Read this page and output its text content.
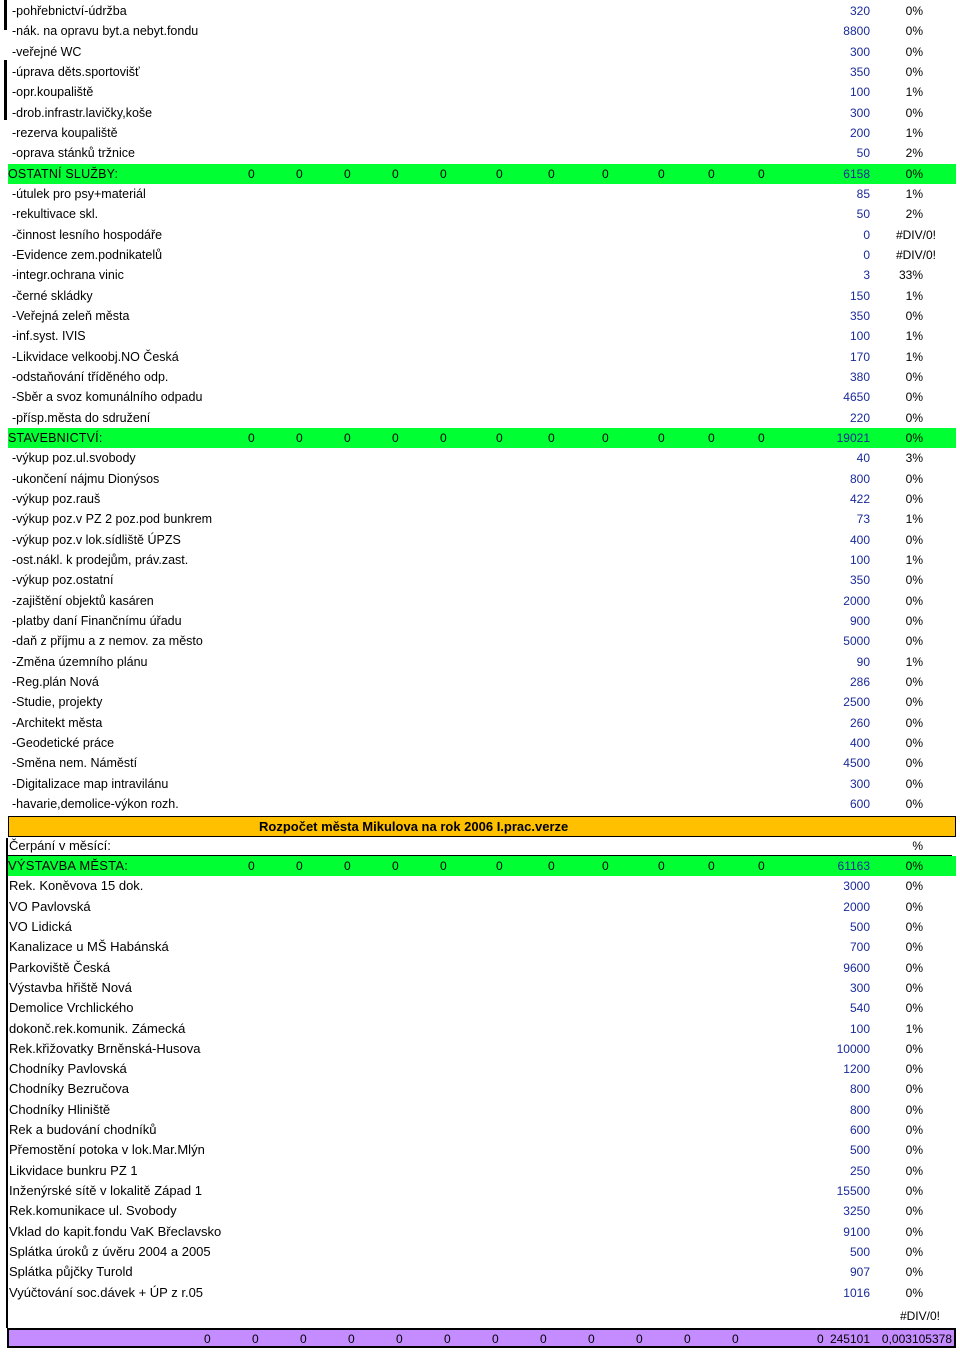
#DIV/0!
245101 0,003105378
0	0	0	0	0	0	0	0	0	0	0	0	0
-pohřebnictví-údržba	320	0%
-nák. na opravu byt.a nebyt.fondu	8800	0%
-veřejné WC	300	0%
-úprava děts.sportovišť	350	0%
-opr.koupaliště	100	1%
-drob.infrastr.lavičky,koše	300	0%
-rezerva koupaliště	200	1%
-oprava stánků tržnice	50	2%
OSTATNÍ SLUŽBY:	0	0	0	0	0	0	0	0	0	0	0	6158	0%
-útulek pro psy+materiál	85	1%
-rekultivace skl.	50	2%
-činnost lesního hospodáře	0 #DIV/0!
-Evidence zem.podnikatelů	0 #DIV/0!
-integr.ochrana vinic	3 33%
-černé skládky	150	1%
-Veřejná zeleň města	350	0%
-inf.syst. IVIS	100	1%
-Likvidace velkoobj.NO Česká	170	1%
-odstaňování tříděného odp.	380	0%
-Sběr a svoz komunálního odpadu	4650	0%
-přísp.města do sdružení	220	0%
STAVEBNICTVÍ:	0	0	0	0	0	0	0	0	0	0	0	19021	0%
-výkup poz.ul.svobody	40	3%
-ukončení nájmu Dionýsos	800	0%
-výkup poz.rauš	422	0%
-výkup poz.v PZ 2 poz.pod bunkrem	73	1%
-výkup poz.v lok.sídliště ÚPZS	400	0%
-ost.nákl. k prodejům, práv.zast.	100	1%
-výkup poz.ostatní	350	0%
-zajištění objektů kasáren	2000	0%
-platby daní Finančnímu úřadu	900	0%
-daň z příjmu a z nemov. za město	5000	0%
-Změna územního plánu	90	1%
-Reg.plán Nová	286	0%
-Studie, projekty	2500	0%
-Architekt města	260	0%
-Geodetické práce	400	0%
-Směna nem. Náměstí	4500	0%
-Digitalizace map intravilánu	300	0%
-havarie,demolice-výkon rozh.	600	0%
Rozpočet města Mikulova na rok 2006 I.prac.verze
Čerpání v měsící:	%
VÝSTAVBA MĚSTA:	0	0	0	0	0	0	0	0	0	0	0	61163	0%
Rek. Koněvova 15 dok.	3000	0%
VO Pavlovská	2000	0%
VO Lidická	500	0%
Kanalizace u MŠ Habánská	700	0%
Parkoviště Česká	9600	0%
Výstavba hřiště Nová	300	0%
Demolice Vrchlického	540	0%
dokonč.rek.komunik. Zámecká	100	1%
Rek.křižovatky Brněnská-Husova	10000	0%
Chodníky Pavlovská	1200	0%
Chodníky Bezručova	800	0%
Chodníky Hliniště	800	0%
Rek a budování chodníků	600	0%
Přemostění potoka v lok.Mar.Mlýn	500	0%
Likvidace bunkru PZ 1	250	0%
Inženýrské sítě v lokalitě Západ 1	15500	0%
Rek.komunikace ul. Svobody	3250	0%
Vklad do kapit.fondu VaK Břeclavsko	9100	0%
Splátka úroků z úvěru 2004 a 2005	500	0%
Splátka půjčky Turold	907	0%
Vyúčtování soc.dávek + ÚP z r.05	1016	0%
